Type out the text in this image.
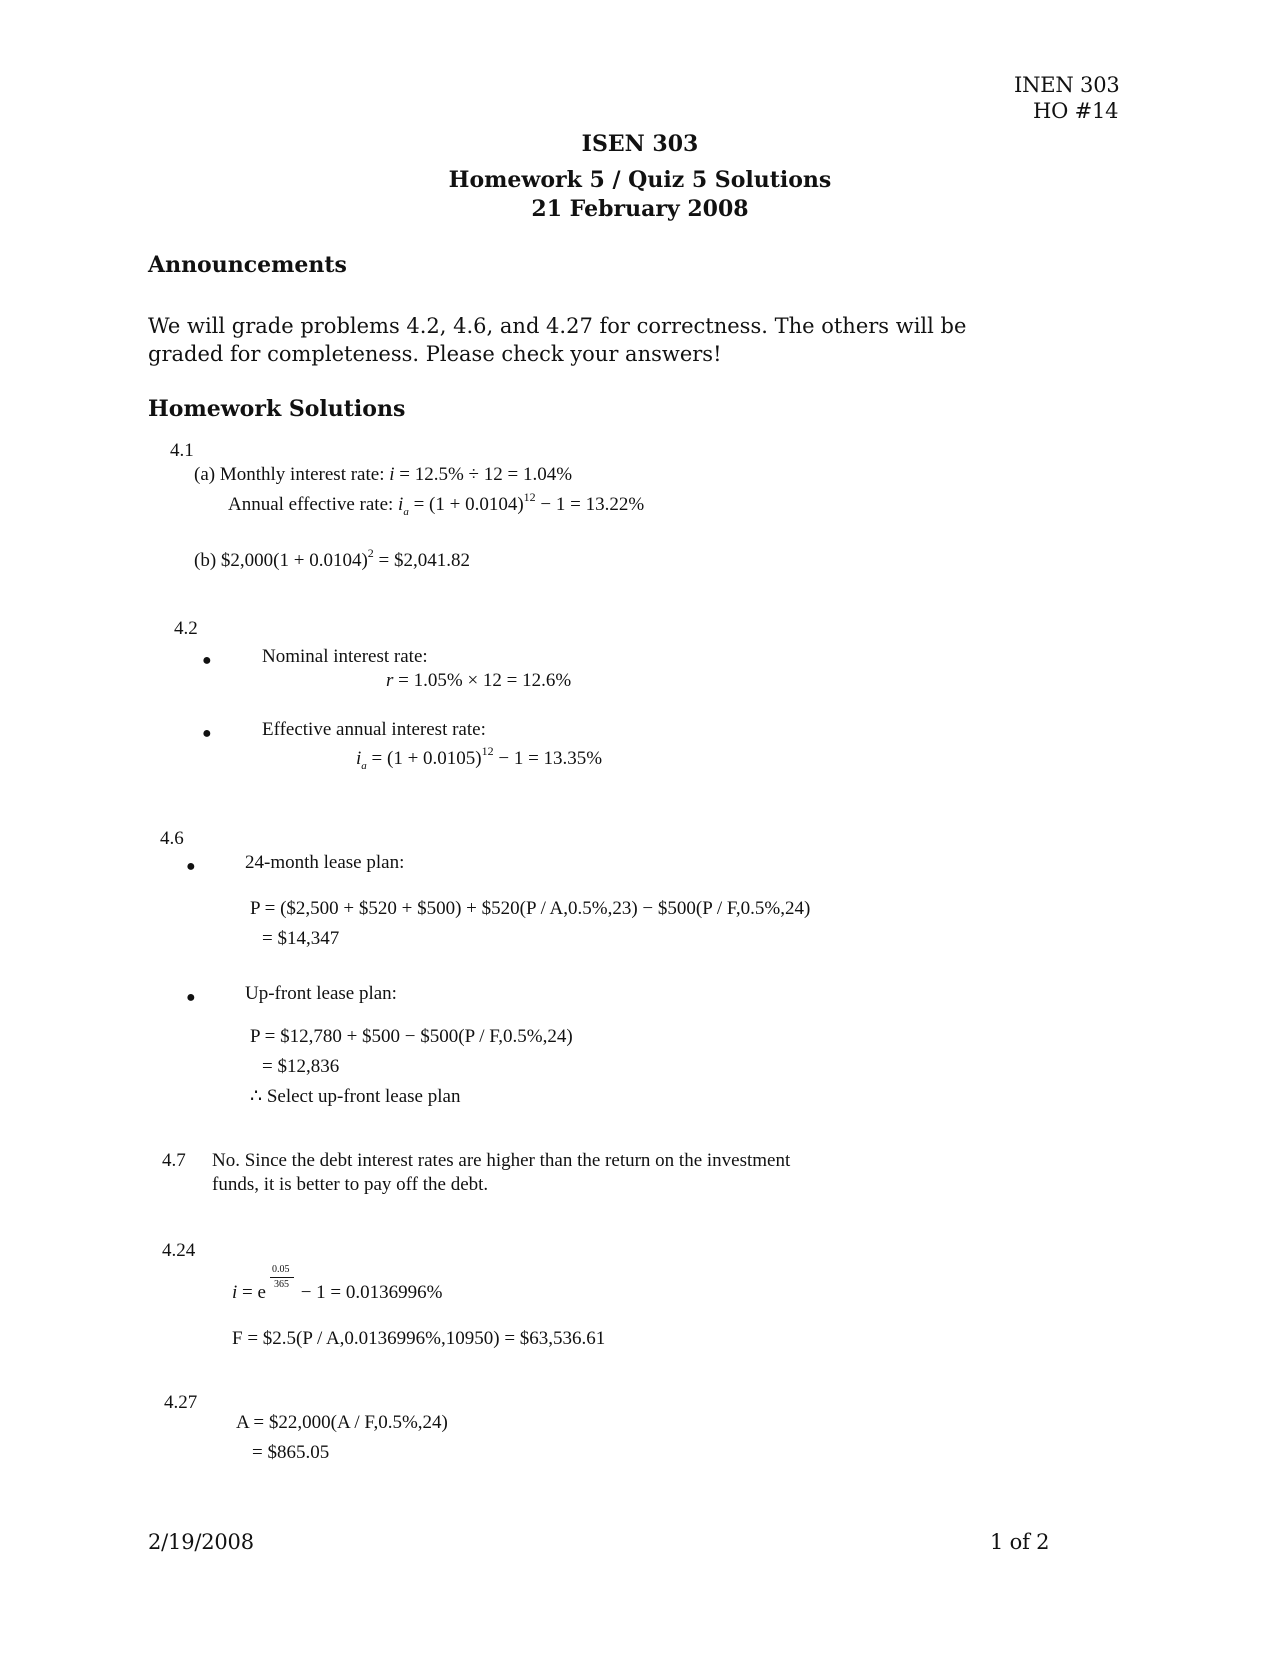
INEN 303
HO #14
ISEN 303
Homework 5 / Quiz 5 Solutions
21 February 2008
Announcements
We will grade problems 4.2, 4.6, and 4.27 for correctness. The others will be graded for completeness. Please check your answers!
Homework Solutions
4.1
(a) Monthly interest rate: i = 12.5% ÷ 12 = 1.04%
Annual effective rate: $i_a = (1 + 0.0104)^{12} - 1 = 13.22\%$
(b) $2,000(1 + 0.0104)$^2$ = $2,041.82
4.2
●	Nominal interest rate:
r = 1.05% × 12 = 12.6%
●	Effective annual interest rate:
$i_a = (1 + 0.0105)^{12} - 1 = 13.35\%$
4.6
●	24-month lease plan:
P = ($2,500 + $520 + $500) + $520(P / A,0.5%,23) − $500(P / F,0.5%,24)
= $14,347
●	Up-front lease plan:
P = $12,780 + $500 − $500(P / F,0.5%,24)
= $12,836
∴ Select up-front lease plan
4.7 No. Since the debt interest rates are higher than the return on the investment
funds, it is better to pay off the debt.
4.24
0.05
365
i = e − 1 = 0.0136996%
F = $2.5(P / A,0.0136996%,10950) = $63,536.61
4.27
A = $22,000(A / F,0.5%,24)
= $865.05
2/19/2008	1 of 2
